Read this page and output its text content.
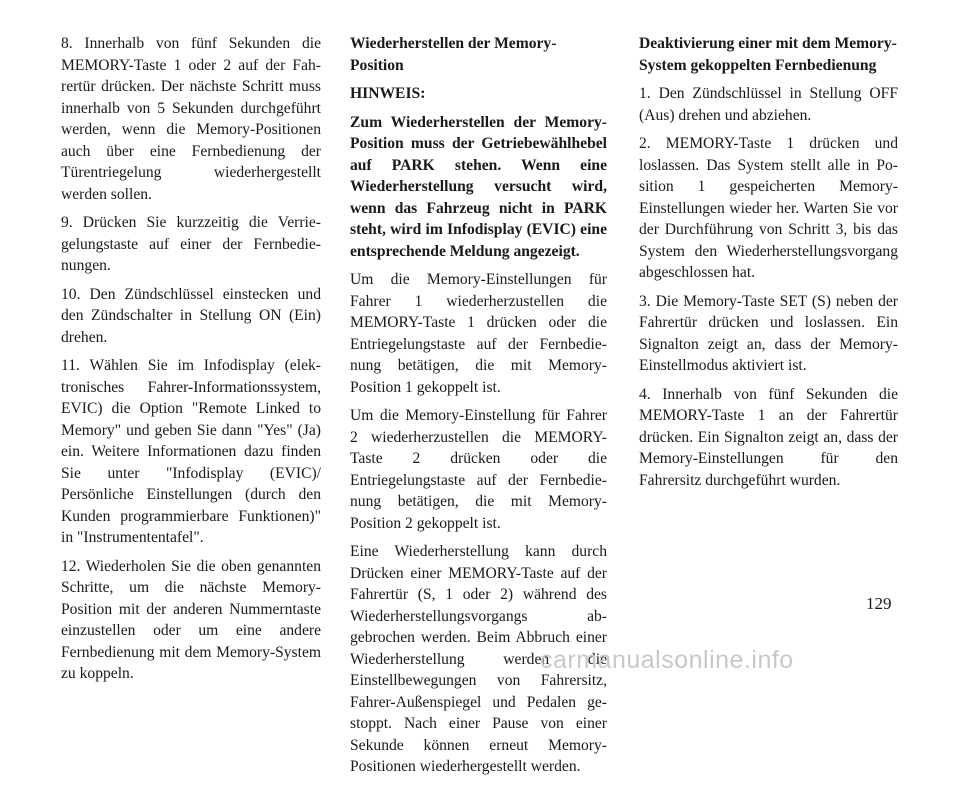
8. Innerhalb von fünf Sekunden die MEMORY-Taste 1 oder 2 auf der Fahrertür drücken. Der nächste Schritt muss innerhalb von 5 Sekunden durchgeführt werden, wenn die Memory-Positionen auch über eine Fernbedienung der Türentriegelung wiederhergestellt werden sollen.

9. Drücken Sie kurzzeitig die Verriegelungstaste auf einer der Fernbedienungen.

10. Den Zündschlüssel einstecken und den Zündschalter in Stellung ON (Ein) drehen.

11. Wählen Sie im Infodisplay (elektronisches Fahrer-Informationssystem, EVIC) die Option "Remote Linked to Memory" und geben Sie dann "Yes" (Ja) ein. Weitere Informationen dazu finden Sie unter "Infodisplay (EVIC)/ Persönliche Einstellungen (durch den Kunden programmierbare Funktionen)" in "Instrumententafel".

12. Wiederholen Sie die oben genannten Schritte, um die nächste Memory-Position mit der anderen Nummerntaste einzustellen oder um eine andere Fernbedienung mit dem Memory-System zu koppeln.

Wiederherstellen der Memory-Position

HINWEIS:

Zum Wiederherstellen der Memory-Position muss der Getriebewählhebel auf PARK stehen. Wenn eine Wiederherstellung versucht wird, wenn das Fahrzeug nicht in PARK steht, wird im Infodisplay (EVIC) eine entsprechende Meldung angezeigt.

Um die Memory-Einstellungen für Fahrer 1 wiederherzustellen die MEMORY-Taste 1 drücken oder die Entriegelungstaste auf der Fernbedienung betätigen, die mit Memory-Position 1 gekoppelt ist.

Um die Memory-Einstellung für Fahrer 2 wiederherzustellen die MEMORY-Taste 2 drücken oder die Entriegelungstaste auf der Fernbedienung betätigen, die mit Memory-Position 2 gekoppelt ist.

Eine Wiederherstellung kann durch Drücken einer MEMORY-Taste auf der Fahrertür (S, 1 oder 2) während des Wiederherstellungsvorgangs abgebrochen werden. Beim Abbruch einer Wiederherstellung werden die Einstellbewegungen von Fahrersitz, Fahrer-Außenspiegel und Pedalen gestoppt. Nach einer Pause von einer Sekunde können erneut Memory-Positionen wiederhergestellt werden.

Deaktivierung einer mit dem Memory-System gekoppelten Fernbedienung

1. Den Zündschlüssel in Stellung OFF (Aus) drehen und abziehen.

2. MEMORY-Taste 1 drücken und loslassen. Das System stellt alle in Position 1 gespeicherten Memory-Einstellungen wieder her. Warten Sie vor der Durchführung von Schritt 3, bis das System den Wiederherstellungsvorgang abgeschlossen hat.

3. Die Memory-Taste SET (S) neben der Fahrertür drücken und loslassen. Ein Signalton zeigt an, dass der Memory-Einstellmodus aktiviert ist.

4. Innerhalb von fünf Sekunden die MEMORY-Taste 1 an der Fahrertür drücken. Ein Signalton zeigt an, dass der Memory-Einstellungen für den Fahrersitz durchgeführt wurden.

129
carmanualsonline.info
